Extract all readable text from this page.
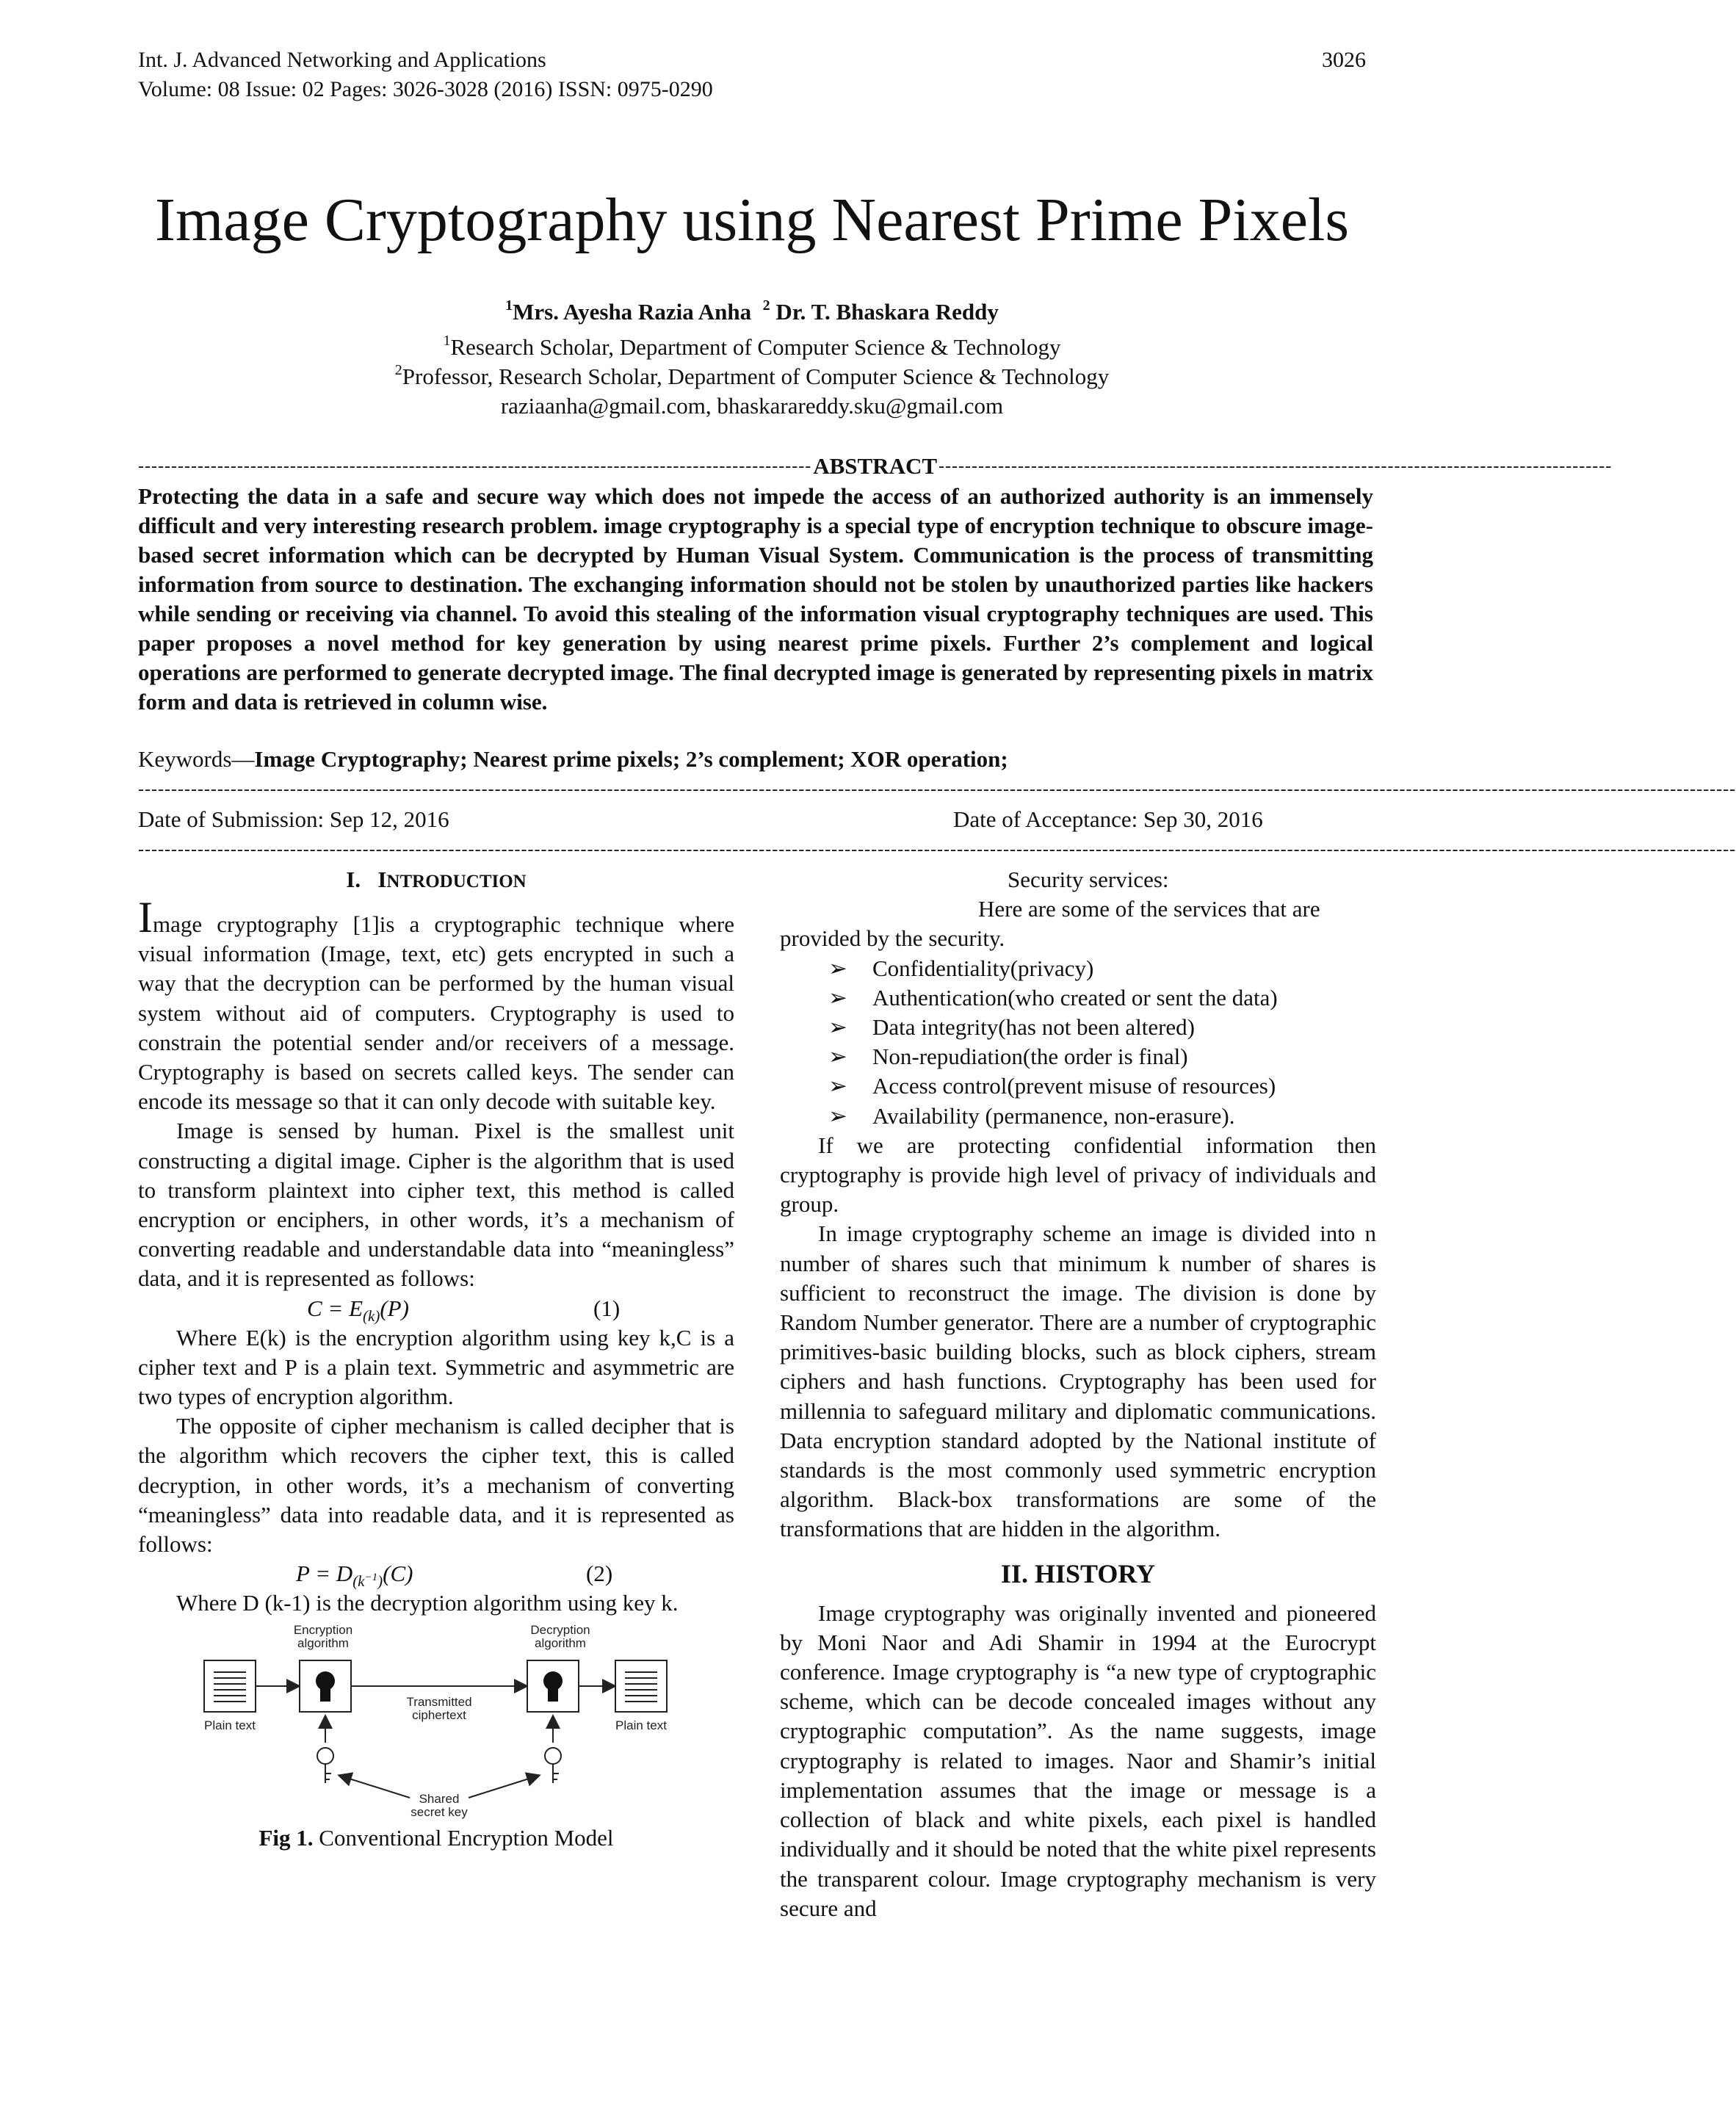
Int. J. Advanced Networking and Applications
Volume: 08 Issue: 02 Pages: 3026-3028 (2016) ISSN: 0975-0290
3026
Image Cryptography using Nearest Prime Pixels
$^1$Mrs. Ayesha Razia Anha $^2$ Dr. T. Bhaskara Reddy
$^1$Research Scholar, Department of Computer Science & Technology
$^2$Professor, Research Scholar, Department of Computer Science & Technology
raziaanha@gmail.com, bhaskarareddy.sku@gmail.com
------------------------------------------------------------------------------------------------------ ABSTRACT ------------------------------------------------------------------------------------------------------

Protecting the data in a safe and secure way which does not impede the access of an authorized authority is an immensely difficult and very interesting research problem. image cryptography is a special type of encryption technique to obscure image-based secret information which can be decrypted by Human Visual System. Communication is the process of transmitting information from source to destination. The exchanging information should not be stolen by unauthorized parties like hackers while sending or receiving via channel. To avoid this stealing of the information visual cryptography techniques are used. This paper proposes a novel method for key generation by using nearest prime pixels. Further 2’s complement and logical operations are performed to generate decrypted image. The final decrypted image is generated by representing pixels in matrix form and data is retrieved in column wise.

Keywords—Image Cryptography; Nearest prime pixels; 2’s complement; XOR operation;
--------------------------------------------------------------------------------------------------------------------------------------------------------------------------------------------------------------------------------------------------
Date of Submission: Sep 12, 2016	Date of Acceptance: Sep 30, 2016
--------------------------------------------------------------------------------------------------------------------------------------------------------------------------------------------------------------------------------------------------
I. INTRODUCTION

Image cryptography [1]is a cryptographic technique where visual information (Image, text, etc) gets encrypted in such a way that the decryption can be performed by the human visual system without aid of computers. Cryptography is used to constrain the potential sender and/or receivers of a message. Cryptography is based on secrets called keys. The sender can encode its message so that it can only decode with suitable key.

Image is sensed by human. Pixel is the smallest unit constructing a digital image. Cipher is the algorithm that is used to transform plaintext into cipher text, this method is called encryption or enciphers, in other words, it’s a mechanism of converting readable and understandable data into “meaningless” data, and it is represented as follows:

$C = E_{(k)}(P)$	(1)

Where E(k) is the encryption algorithm using key k,C is a cipher text and P is a plain text. Symmetric and asymmetric are two types of encryption algorithm.

The opposite of cipher mechanism is called decipher that is the algorithm which recovers the cipher text, this is called decryption, in other words, it’s a mechanism of converting “meaningless” data into readable data, and it is represented as follows:

$P = D_{(k^{-1})}(C)$	(2)

Where D (k-1) is the decryption algorithm using key k.

Encryption
algorithm
Decryption
algorithm
Plain text
Transmitted
ciphertext
Plain text
Shared
secret key
Fig 1. Conventional Encryption Model
Security services:
Here are some of the services that are
provided by the security.
➢ Confidentiality(privacy)
➢ Authentication(who created or sent the data)
➢ Data integrity(has not been altered)
➢ Non-repudiation(the order is final)
➢ Access control(prevent misuse of resources)
➢ Availability (permanence, non-erasure).

If we are protecting confidential information then cryptography is provide high level of privacy of individuals and group.

In image cryptography scheme an image is divided into n number of shares such that minimum k number of shares is sufficient to reconstruct the image. The division is done by Random Number generator. There are a number of cryptographic primitives-basic building blocks, such as block ciphers, stream ciphers and hash functions. Cryptography has been used for millennia to safeguard military and diplomatic communications. Data encryption standard adopted by the National institute of standards is the most commonly used symmetric encryption algorithm. Black-box transformations are some of the transformations that are hidden in the algorithm.

II. HISTORY

Image cryptography was originally invented and pioneered by Moni Naor and Adi Shamir in 1994 at the Eurocrypt conference. Image cryptography is “a new type of cryptographic scheme, which can be decode concealed images without any cryptographic computation”. As the name suggests, image cryptography is related to images. Naor and Shamir’s initial implementation assumes that the image or message is a collection of black and white pixels, each pixel is handled individually and it should be noted that the white pixel represents the transparent colour. Image cryptography mechanism is very secure and
